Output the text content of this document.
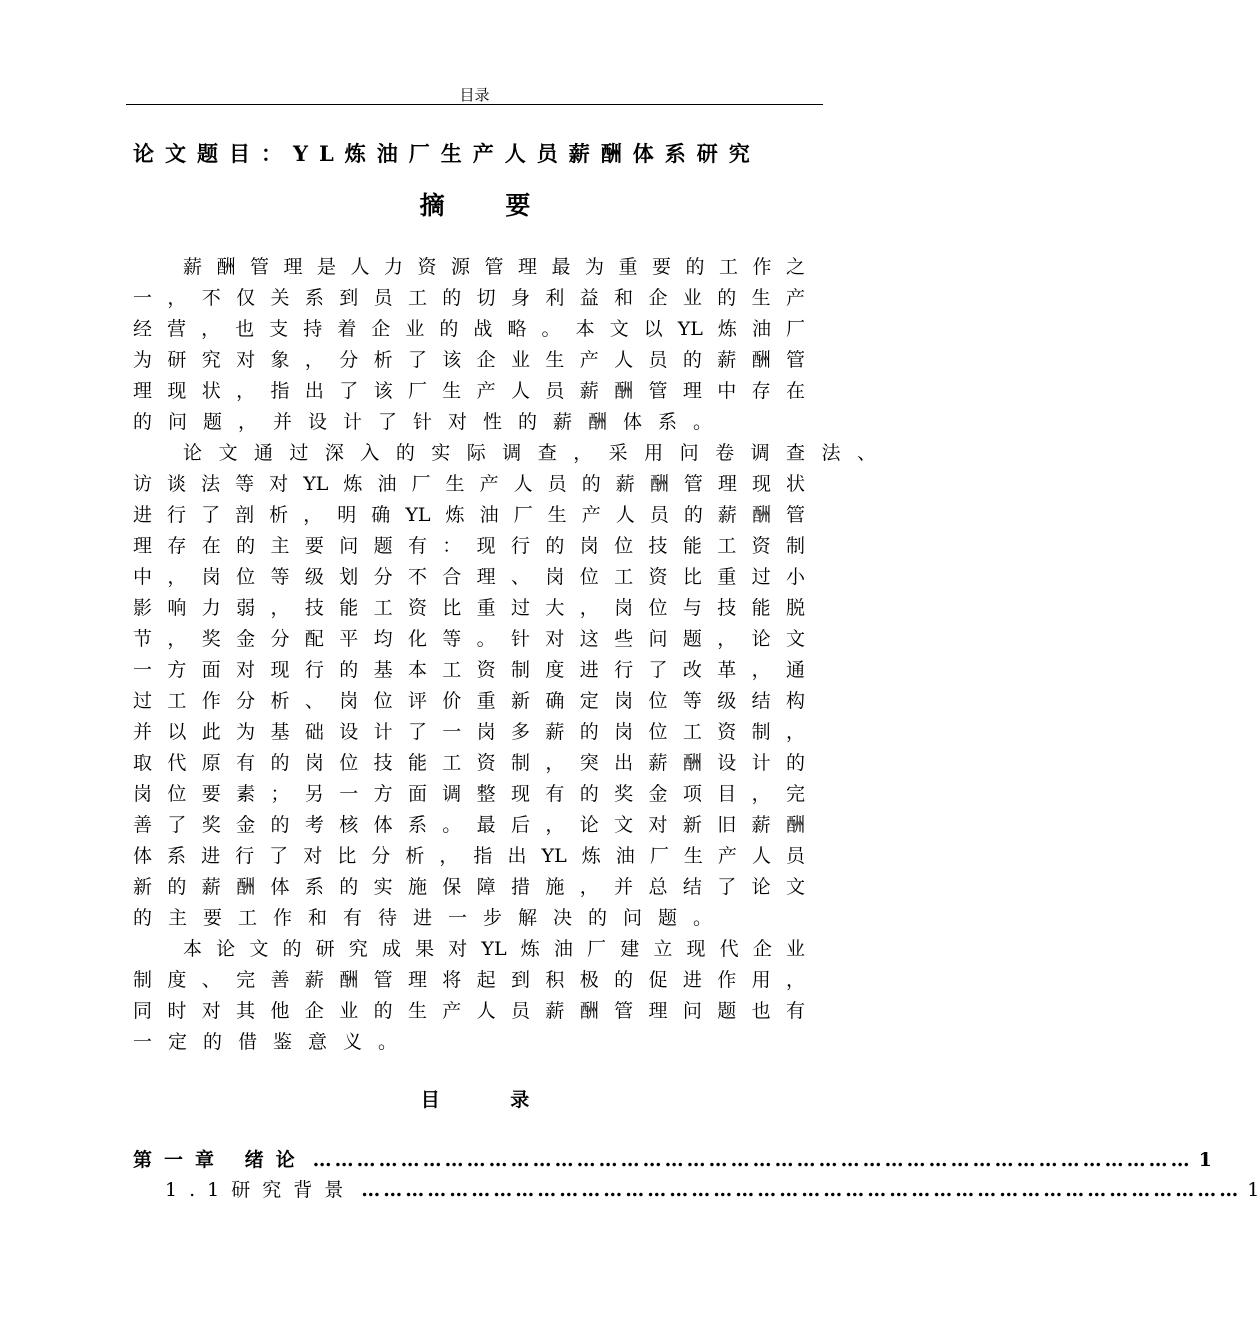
目录
论文题目：YL炼油厂生产人员薪酬体系研究
摘 要
薪酬管理是人力资源管理最为重要的工作之
一，不仅关系到员工的切身利益和企业的生产
经营，也支持着企业的战略。本文以YL炼油厂
为研究对象，分析了该企业生产人员的薪酬管
理现状，指出了该厂生产人员薪酬管理中存在
的问题，并设计了针对性的薪酬体系。
论文通过深入的实际调查，采用问卷调查法、
访谈法等对YL炼油厂生产人员的薪酬管理现状
进行了剖析，明确YL炼油厂生产人员的薪酬管
理存在的主要问题有：现行的岗位技能工资制
中，岗位等级划分不合理、岗位工资比重过小
影响力弱，技能工资比重过大，岗位与技能脱
节，奖金分配平均化等。针对这些问题，论文
一方面对现行的基本工资制度进行了改革，通
过工作分析、岗位评价重新确定岗位等级结构
并以此为基础设计了一岗多薪的岗位工资制，
取代原有的岗位技能工资制，突出薪酬设计的
岗位要素；另一方面调整现有的奖金项目，完
善了奖金的考核体系。最后，论文对新旧薪酬
体系进行了对比分析，指出YL炼油厂生产人员
新的薪酬体系的实施保障措施，并总结了论文
的主要工作和有待进一步解决的问题。
本论文的研究成果对YL炼油厂建立现代企业
制度、完善薪酬管理将起到积极的促进作用，
同时对其他企业的生产人员薪酬管理问题也有
一定的借鉴意义。
目 录
第一章 绪论 ………………………………………………………………………………………………………… 1
1.1研究背景 ………………………………………………………………………………………………………… 1
